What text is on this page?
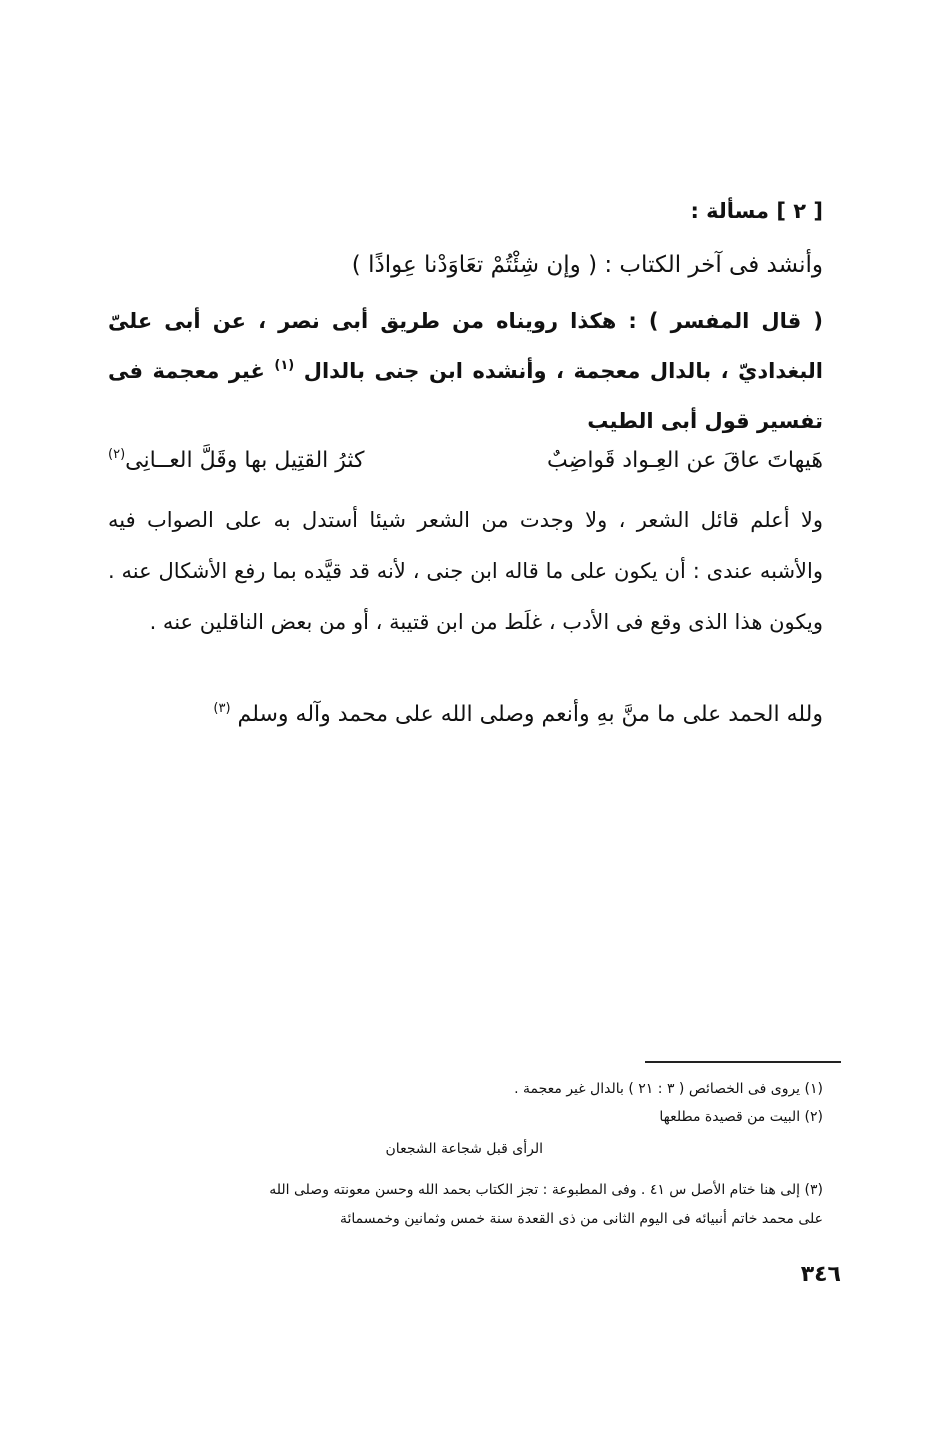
[ ٢ ] مسألة :
وأنشد فى آخر الكتاب : ( وإن شِئْتُمْ تعَاوَدْنا عِواذًا )
( قال المفسر ) : هكذا رويناه من طريق أبى نصر ، عن أبى علىّ البغداديّ ، بالدال معجمة ، وأنشده ابن جنى بالدال $^{(١)}$ غير معجمة فى تفسير قول أبى الطيب
هَيهاتَ عاقَ عن العِـواد قَواضِبٌ
كثرُ القتِيل بها وقَلَّ العــانِى$^{(٢)}$
ولا أعلم قائل الشعر ، ولا وجدت من الشعر شيئا أستدل به على الصواب فيه والأشبه عندى : أن يكون على ما قاله ابن جنى ، لأنه قد قيَّده بما رفع الأشكال عنه . ويكون هذا الذى وقع فى الأدب ، غلَط من ابن قتيبة ، أو من بعض الناقلين عنه .
ولله الحمد على ما منَّ بهِ وأنعم وصلى الله على محمد وآله وسلم $^{(٣)}$
(١) يروى فى الخصائص ( ٣ : ٢١ ) بالدال غير معجمة .
(٢) البيت من قصيدة مطلعها
الرأى قبل شجاعة الشجعان
(٣) إلى هنا ختام الأصل س ٤١ . وفى المطبوعة : تجز الكتاب بحمد الله وحسن معونته وصلى الله
على محمد خاتم أنبيائه فى اليوم الثانى من ذى القعدة سنة خمس وثمانين وخمسمائة
٣٤٦
